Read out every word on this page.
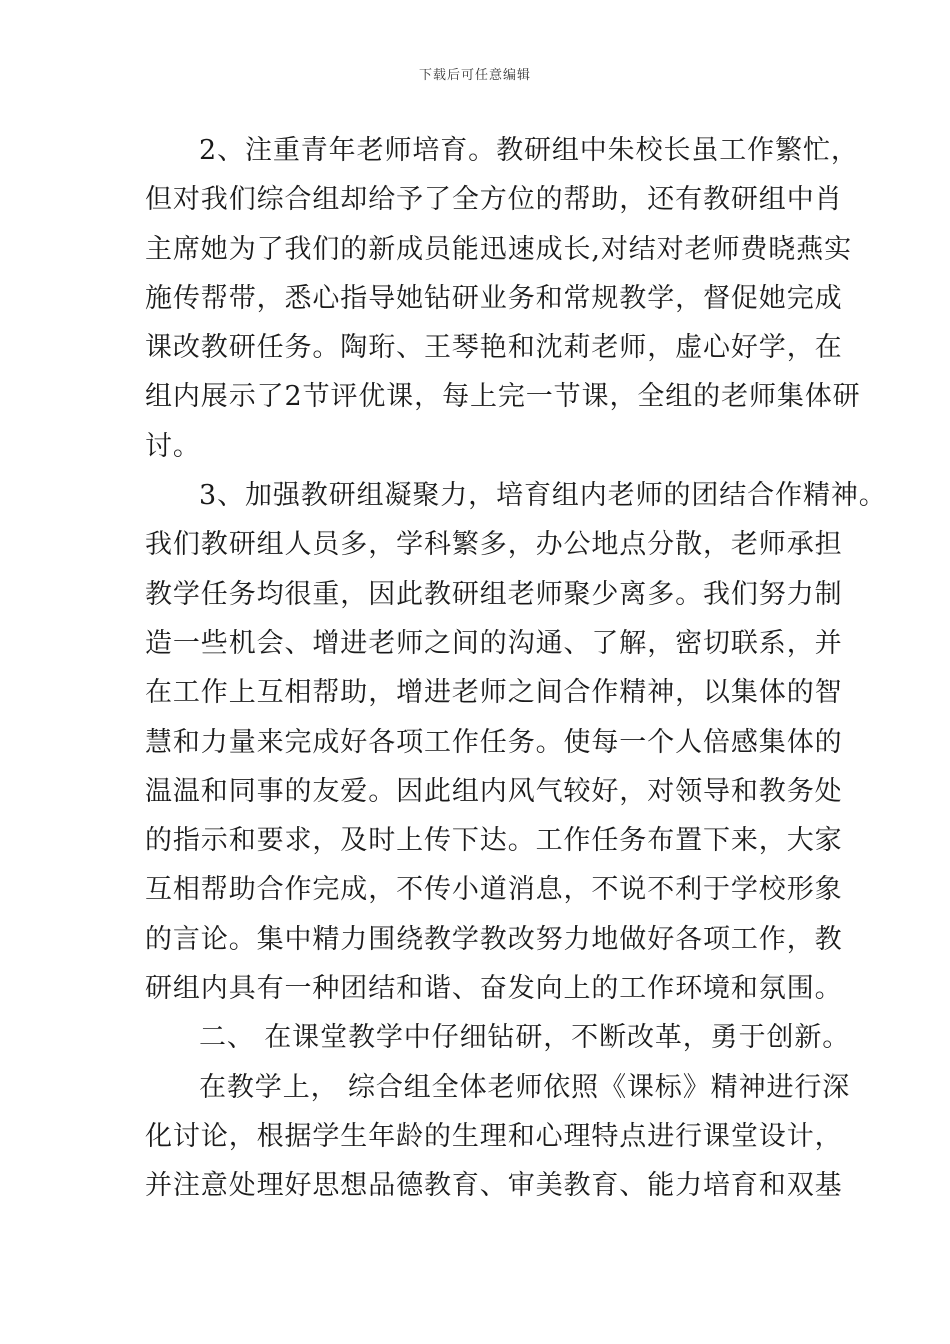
下载后可任意编辑
2、注重青年老师培育。教研组中朱校长虽工作繁忙，
但对我们综合组却给予了全方位的帮助，还有教研组中肖
主席她为了我们的新成员能迅速成长,对结对老师费晓燕实
施传帮带，悉心指导她钻研业务和常规教学，督促她完成
课改教研任务。陶珩、王琴艳和沈莉老师，虚心好学，在
组内展示了2节评优课，每上完一节课，全组的老师集体研
讨。
3、加强教研组凝聚力，培育组内老师的团结合作精神。
我们教研组人员多，学科繁多，办公地点分散，老师承担
教学任务均很重，因此教研组老师聚少离多。我们努力制
造一些机会、增进老师之间的沟通、了解，密切联系，并
在工作上互相帮助，增进老师之间合作精神，以集体的智
慧和力量来完成好各项工作任务。使每一个人倍感集体的
温温和同事的友爱。因此组内风气较好，对领导和教务处
的指示和要求，及时上传下达。工作任务布置下来，大家
互相帮助合作完成，不传小道消息，不说不利于学校形象
的言论。集中精力围绕教学教改努力地做好各项工作，教
研组内具有一种团结和谐、奋发向上的工作环境和氛围。
二、 在课堂教学中仔细钻研，不断改革，勇于创新。
在教学上， 综合组全体老师依照《课标》精神进行深
化讨论，根据学生年龄的生理和心理特点进行课堂设计，
并注意处理好思想品德教育、审美教育、能力培育和双基
